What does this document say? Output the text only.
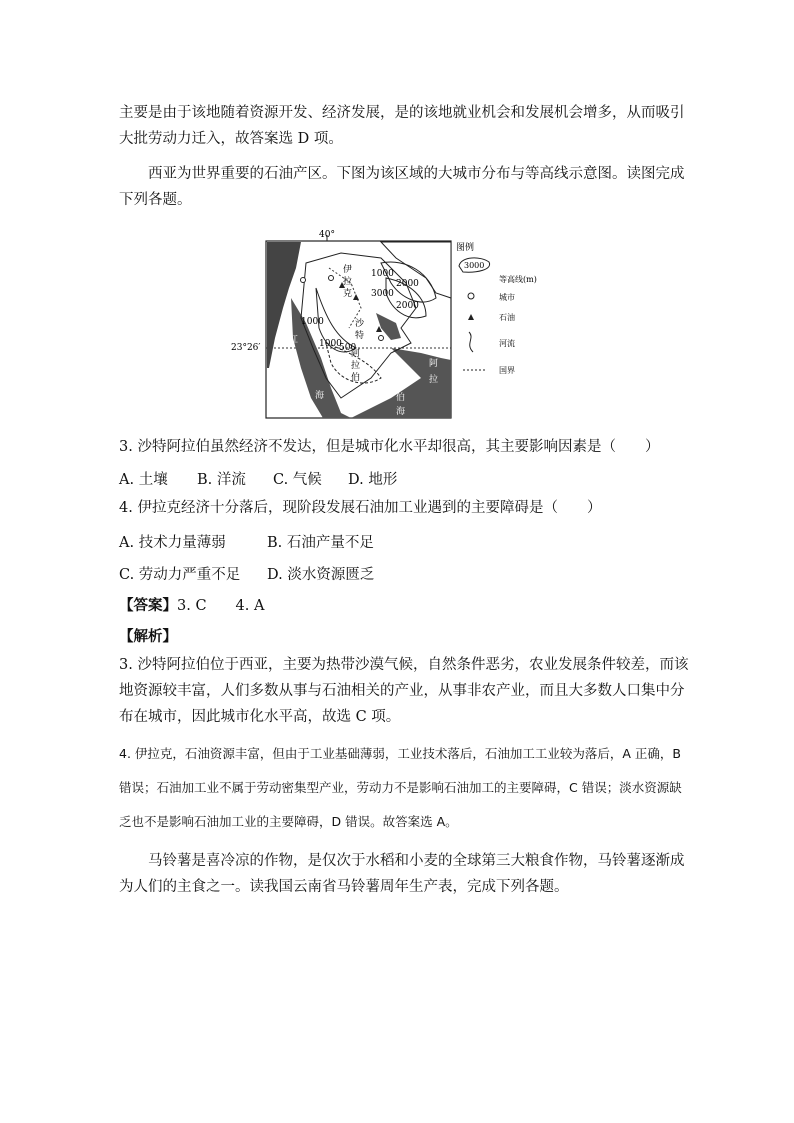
主要是由于该地随着资源开发、经济发展，是的该地就业机会和发展机会增多，从而吸引大批劳动力迁入，故答案选 D 项。

西亚为世界重要的石油产区。下图为该区域的大城市分布与等高线示意图。读图完成下列各题。

40°
23°26′
1000
2000
3000
2000
1000
1000
500
伊
拉
克
沙
特
阿
拉
伯
红
海
阿
拉
伯
海
图例
3000
等高线(m)
城市
石油
河流
国界

3. 沙特阿拉伯虽然经济不发达，但是城市化水平却很高，其主要影响因素是（　　）

A. 土壤 B. 洋流 C. 气候 D. 地形

4. 伊拉克经济十分落后，现阶段发展石油加工业遇到的主要障碍是（　　）

A. 技术力量薄弱	B. 石油产量不足

C. 劳动力严重不足 D. 淡水资源匮乏

【答案】3. C　　4. A

【解析】

3. 沙特阿拉伯位于西亚，主要为热带沙漠气候，自然条件恶劣，农业发展条件较差，而该地资源较丰富，人们多数从事与石油相关的产业，从事非农产业，而且大多数人口集中分布在城市，因此城市化水平高，故选 C 项。

4. 伊拉克，石油资源丰富，但由于工业基础薄弱，工业技术落后，石油加工工业较为落后，A 正确，B 错误；石油加工业不属于劳动密集型产业，劳动力不是影响石油加工的主要障碍，C 错误；淡水资源缺乏也不是影响石油加工业的主要障碍，D 错误。故答案选 A。

马铃薯是喜冷凉的作物，是仅次于水稻和小麦的全球第三大粮食作物，马铃薯逐渐成为人们的主食之一。读我国云南省马铃薯周年生产表，完成下列各题。
